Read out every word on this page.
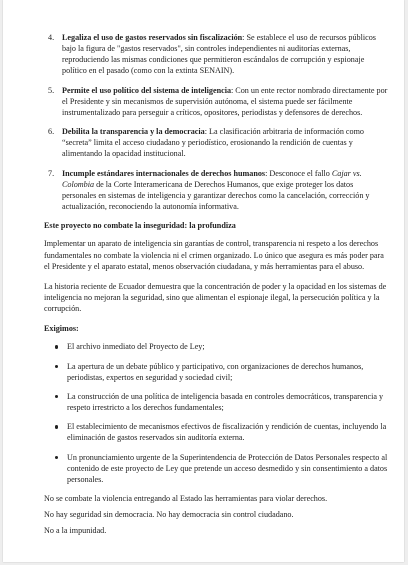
4. Legaliza el uso de gastos reservados sin fiscalización: Se establece el uso de recursos públicos bajo la figura de "gastos reservados", sin controles independientes ni auditorías externas, reproduciendo las mismas condiciones que permitieron escándalos de corrupción y espionaje político en el pasado (como con la extinta SENAIN).
5. Permite el uso político del sistema de inteligencia: Con un ente rector nombrado directamente por el Presidente y sin mecanismos de supervisión autónoma, el sistema puede ser fácilmente instrumentalizado para perseguir a críticos, opositores, periodistas y defensores de derechos.
6. Debilita la transparencia y la democracia: La clasificación arbitraria de información como “secreta” limita el acceso ciudadano y periodístico, erosionando la rendición de cuentas y alimentando la opacidad institucional.
7. Incumple estándares internacionales de derechos humanos: Desconoce el fallo Cajar vs. Colombia de la Corte Interamericana de Derechos Humanos, que exige proteger los datos personales en sistemas de inteligencia y garantizar derechos como la cancelación, corrección y actualización, reconociendo la autonomía informativa.
Este proyecto no combate la inseguridad: la profundiza

Implementar un aparato de inteligencia sin garantías de control, transparencia ni respeto a los derechos fundamentales no combate la violencia ni el crimen organizado. Lo único que asegura es más poder para el Presidente y el aparato estatal, menos observación ciudadana, y más herramientas para el abuso.

La historia reciente de Ecuador demuestra que la concentración de poder y la opacidad en los sistemas de inteligencia no mejoran la seguridad, sino que alimentan el espionaje ilegal, la persecución política y la corrupción.

Exigimos:
El archivo inmediato del Proyecto de Ley;
La apertura de un debate público y participativo, con organizaciones de derechos humanos, periodistas, expertos en seguridad y sociedad civil;
La construcción de una política de inteligencia basada en controles democráticos, transparencia y respeto irrestricto a los derechos fundamentales;
El establecimiento de mecanismos efectivos de fiscalización y rendición de cuentas, incluyendo la eliminación de gastos reservados sin auditoría externa.
Un pronunciamiento urgente de la Superintendencia de Protección de Datos Personales respecto al contenido de este proyecto de Ley que pretende un acceso desmedido y sin consentimiento a datos personales.

No se combate la violencia entregando al Estado las herramientas para violar derechos.

No hay seguridad sin democracia. No hay democracia sin control ciudadano.

No a la impunidad.
